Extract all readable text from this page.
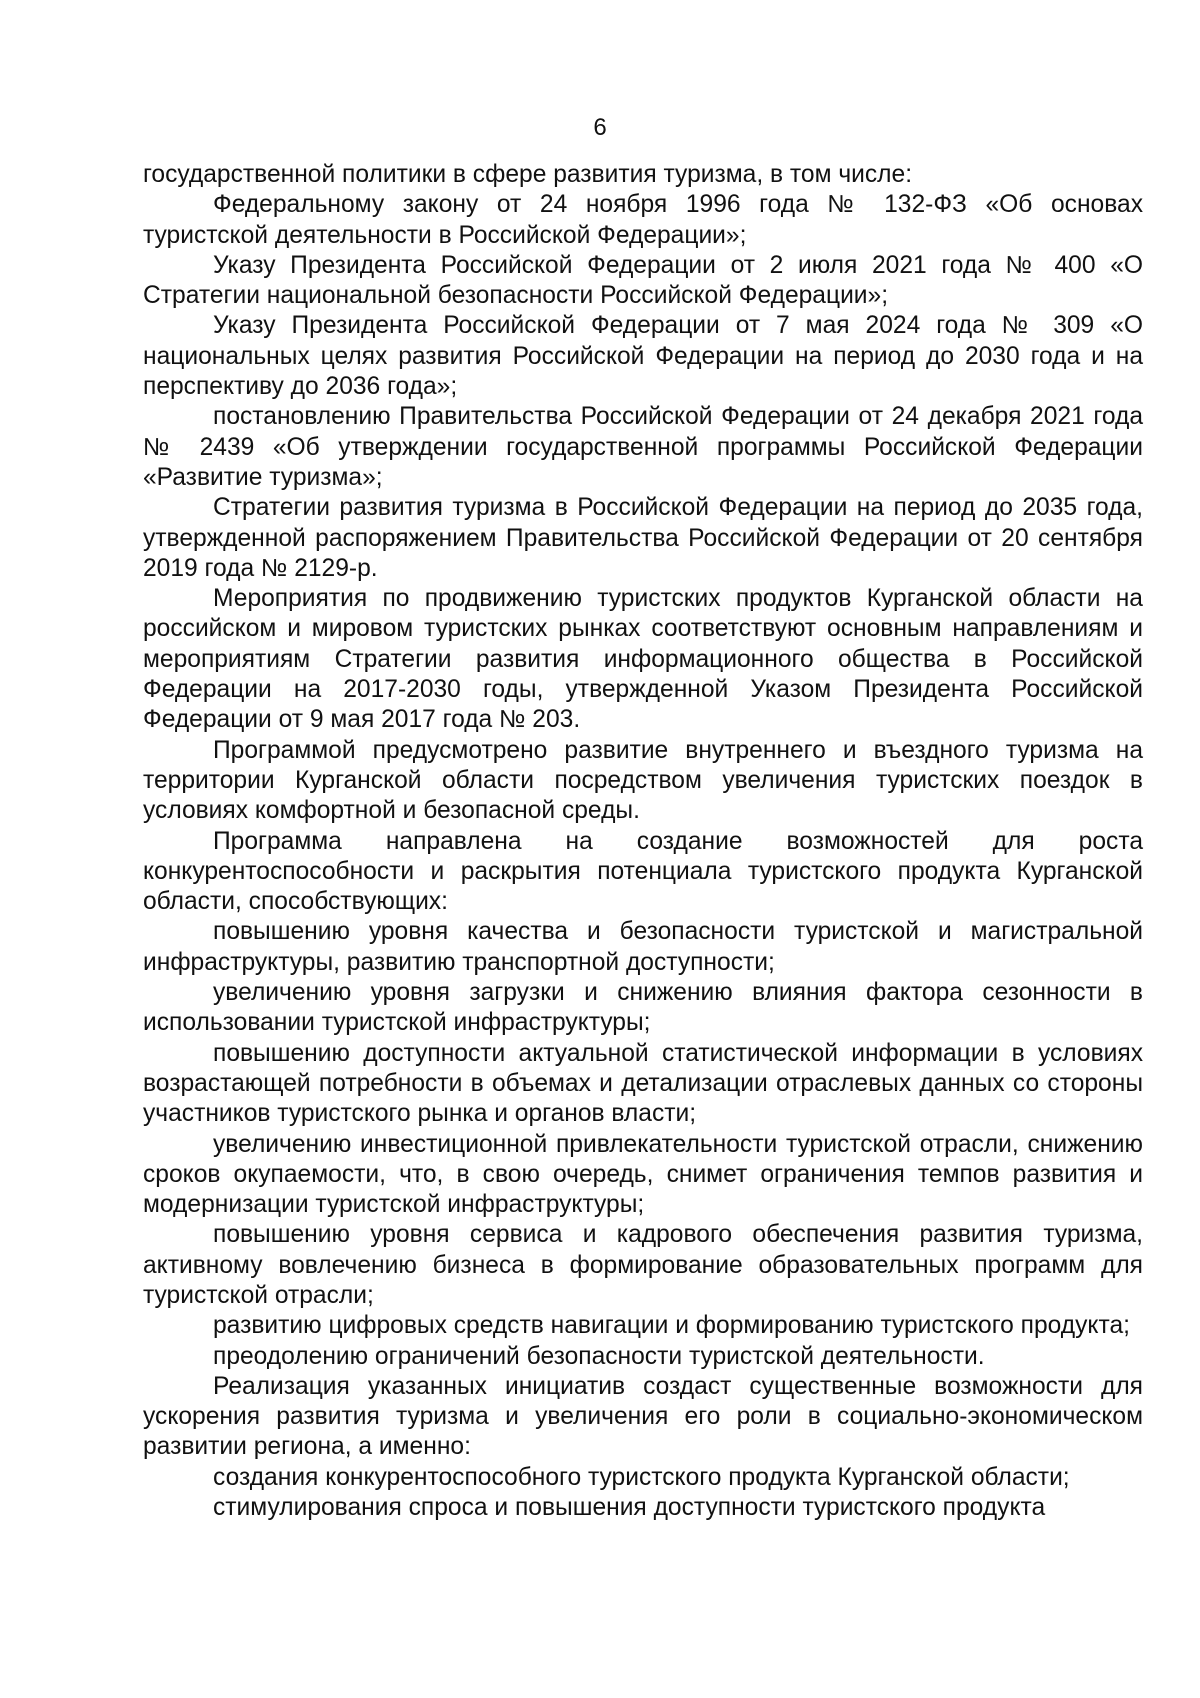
6

государственной политики в сфере развития туризма, в том числе:

Федеральному закону от 24 ноября 1996 года № 132-ФЗ «Об основах туристской деятельности в Российской Федерации»;

Указу Президента Российской Федерации от 2 июля 2021 года № 400 «О Стратегии национальной безопасности Российской Федерации»;

Указу Президента Российской Федерации от 7 мая 2024 года № 309 «О национальных целях развития Российской Федерации на период до 2030 года и на перспективу до 2036 года»;

постановлению Правительства Российской Федерации от 24 декабря 2021 года № 2439 «Об утверждении государственной программы Российской Федерации «Развитие туризма»;

Стратегии развития туризма в Российской Федерации на период до 2035 года, утвержденной распоряжением Правительства Российской Федерации от 20 сентября 2019 года № 2129-р.

Мероприятия по продвижению туристских продуктов Курганской области на российском и мировом туристских рынках соответствуют основным направлениям и мероприятиям Стратегии развития информационного общества в Российской Федерации на 2017-2030 годы, утвержденной Указом Президента Российской Федерации от 9 мая 2017 года № 203.

Программой предусмотрено развитие внутреннего и въездного туризма на территории Курганской области посредством увеличения туристских поездок в условиях комфортной и безопасной среды.

Программа направлена на создание возможностей для роста конкурентоспособности и раскрытия потенциала туристского продукта Курганской области, способствующих:

повышению уровня качества и безопасности туристской и магистральной инфраструктуры, развитию транспортной доступности;

увеличению уровня загрузки и снижению влияния фактора сезонности в использовании туристской инфраструктуры;

повышению доступности актуальной статистической информации в условиях возрастающей потребности в объемах и детализации отраслевых данных со стороны участников туристского рынка и органов власти;

увеличению инвестиционной привлекательности туристской отрасли, снижению сроков окупаемости, что, в свою очередь, снимет ограничения темпов развития и модернизации туристской инфраструктуры;

повышению уровня сервиса и кадрового обеспечения развития туризма, активному вовлечению бизнеса в формирование образовательных программ для туристской отрасли;

развитию цифровых средств навигации и формированию туристского продукта;

преодолению ограничений безопасности туристской деятельности.

Реализация указанных инициатив создаст существенные возможности для ускорения развития туризма и увеличения его роли в социально-экономическом развитии региона, а именно:

создания конкурентоспособного туристского продукта Курганской области;

стимулирования спроса и повышения доступности туристского продукта
